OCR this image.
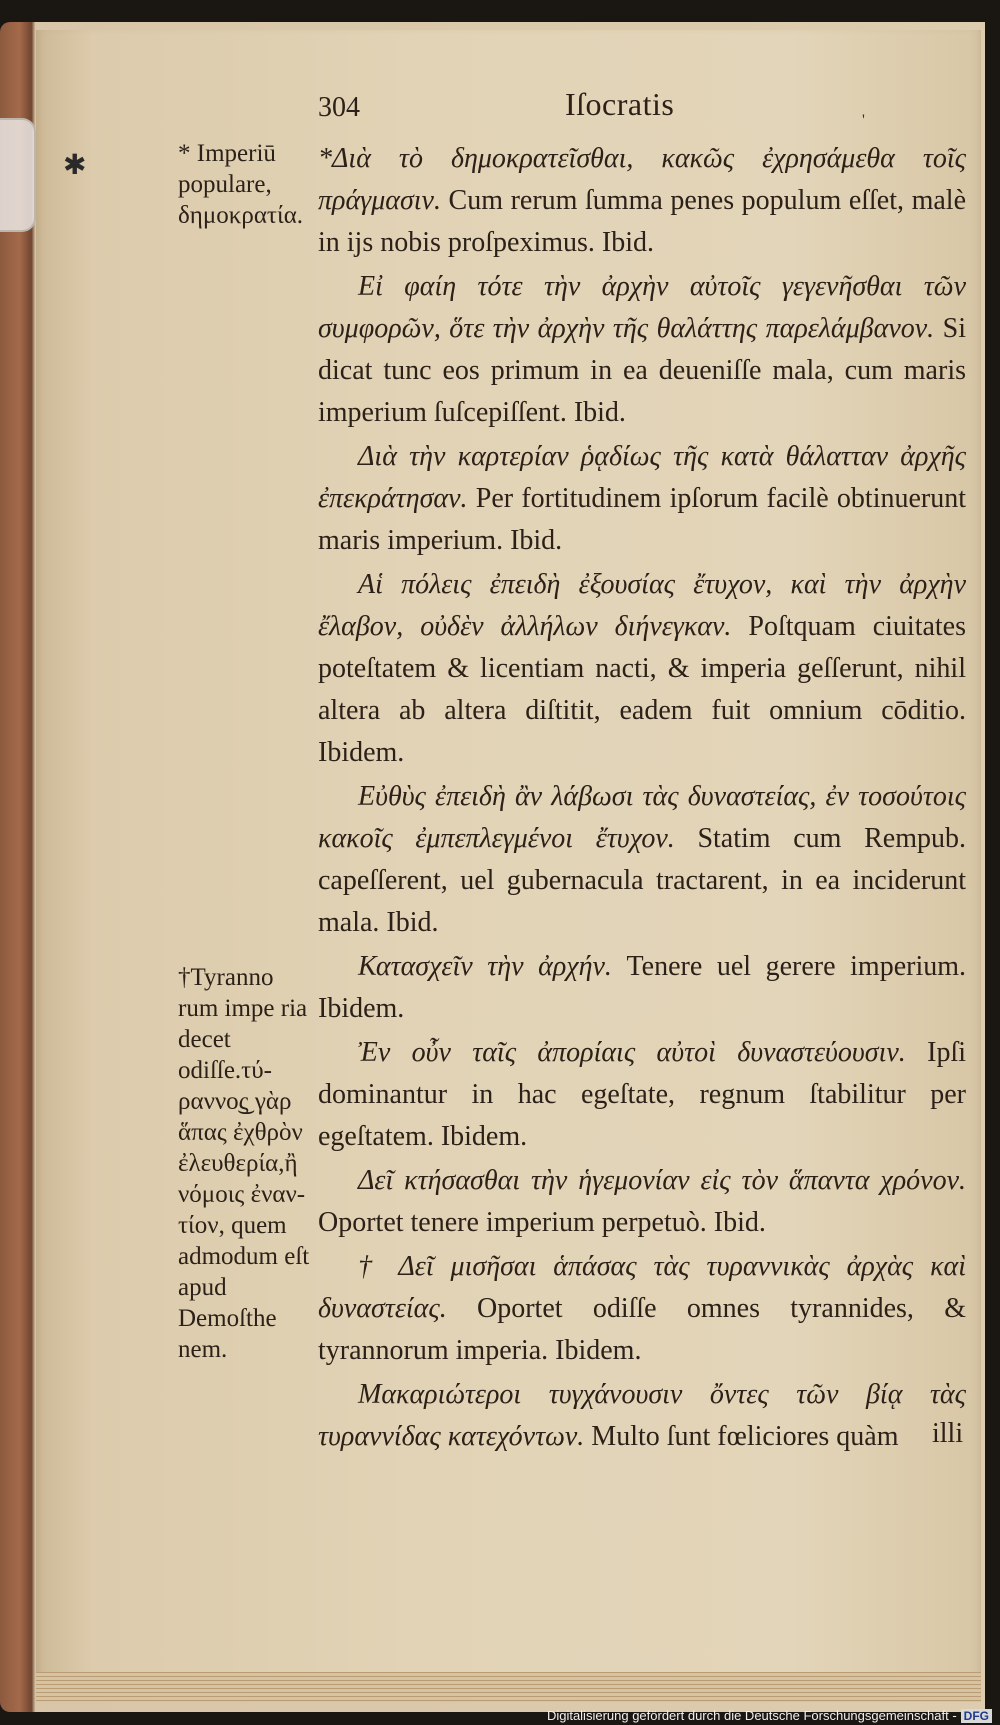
✱
304	Iſocratis	'
* Imperiū populare, δημοκρατία.
†Tyranno rum impe ria decet odiſſe.τύ-ραννο͜ς γὰρ ἅπας ἐχθρὸν ἐλευθερία,ἢ νόμοις ἐναν-τίον, quem admodum eſt apud Demoſthe nem.

*Διὰ τὸ δημοκρατεῖσθαι, κακῶς ἐχρησάμεθα τοῖς πράγμασιν. Cum rerum ſumma penes populum eſſet, malè in ijs nobis proſpeximus. Ibid.

Εἰ φαίη τότε τὴν ἀρχὴν αὐτοῖς γεγενῆσθαι τῶν συμφορῶν, ὅτε τὴν ἀρχὴν τῆς θαλάττης παρελάμβανον. Si dicat tunc eos primum in ea deueniſſe mala, cum maris imperium ſuſcepiſſent. Ibid.

Διὰ τὴν καρτερίαν ῥᾳδίως τῆς κατὰ θάλατταν ἀρχῆς ἐπεκράτησαν. Per fortitudinem ipſorum facilè obtinuerunt maris imperium. Ibid.

Αἱ πόλεις ἐπειδὴ ἐξουσίας ἔτυχον, καὶ τὴν ἀρχὴν ἔλαβον, οὐδὲν ἀλλήλων διήνεγκαν. Poſtquam ciuitates poteſtatem & licentiam nacti, & imperia geſſerunt, nihil altera ab altera diſtitit, eadem fuit omnium cōditio. Ibidem.

Εὐθὺς ἐπειδὴ ἂν λάβωσι τὰς δυναστείας, ἐν τοσούτοις κακοῖς ἐμπεπλεγμένοι ἔτυχον. Statim cum Rempub. capeſſerent, uel gubernacula tractarent, in ea inciderunt mala. Ibid.

Κατασχεῖν τὴν ἀρχήν. Tenere uel gerere imperium. Ibidem.

Ἐν οὖν ταῖς ἀπορίαις αὐτοὶ δυναστεύουσιν. Ipſi dominantur in hac egeſtate, regnum ſtabilitur per egeſtatem. Ibidem.

Δεῖ κτήσασθαι τὴν ἡγεμονίαν εἰς τὸν ἅπαντα χρόνον. Oportet tenere imperium perpetuò. Ibid.

† Δεῖ μισῆσαι ἁπάσας τὰς τυραννικὰς ἀρχὰς καὶ δυναστείας. Oportet odiſſe omnes tyrannides, & tyrannorum imperia. Ibidem.

Μακαριώτεροι τυγχάνουσιν ὄντες τῶν βίᾳ τὰς τυραννίδας κατεχόντων. Multo ſunt fœliciores quàm	illi
Digitalisierung gefördert durch die Deutsche Forschungsgemeinschaft - DFG
